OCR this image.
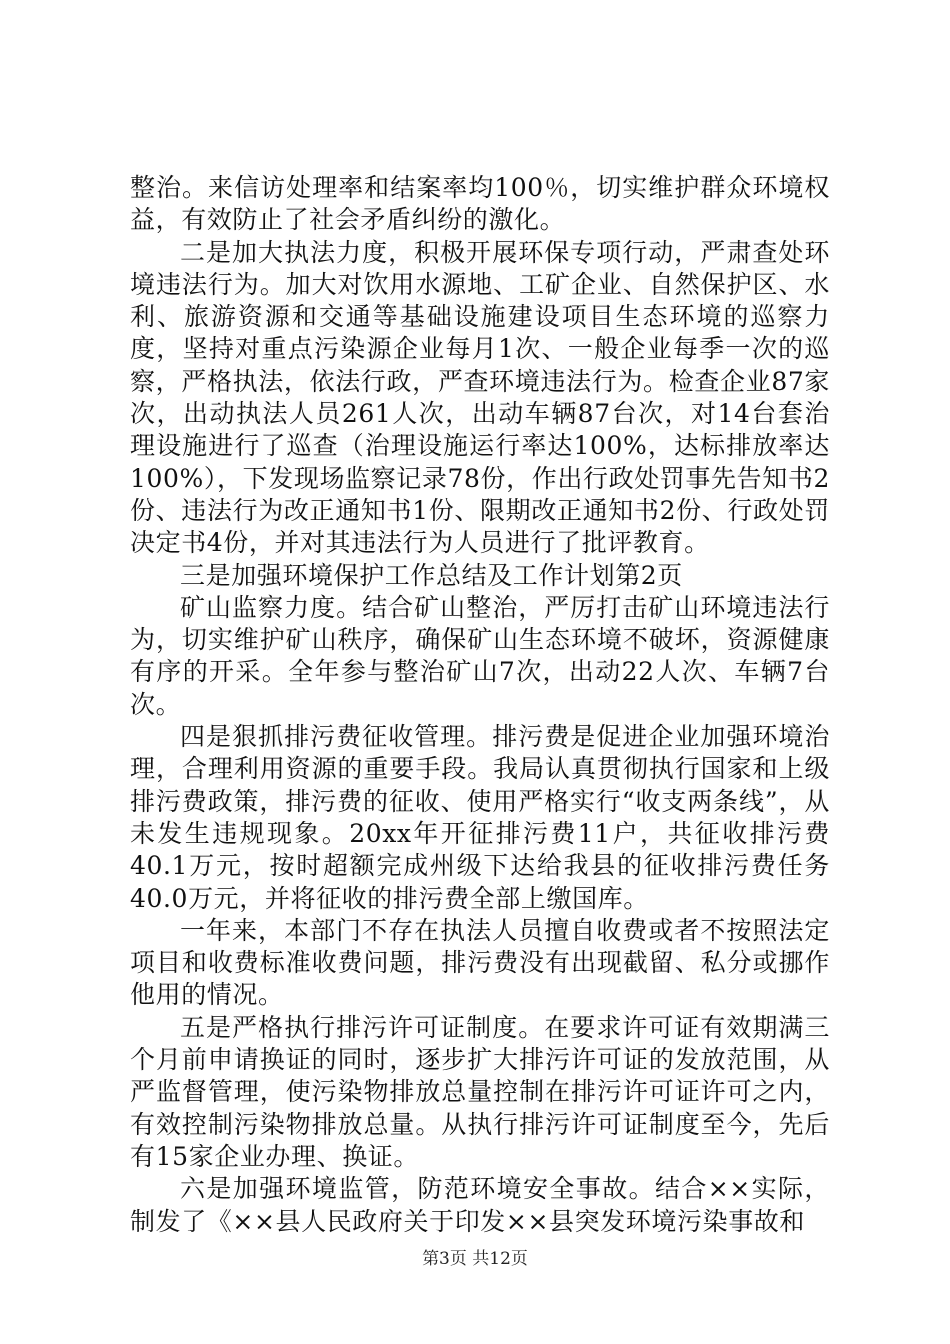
整治。来信访处理率和结案率均100％，切实维护群众环境权益，有效防止了社会矛盾纠纷的激化。

二是加大执法力度，积极开展环保专项行动，严肃查处环境违法行为。加大对饮用水源地、工矿企业、自然保护区、水利、旅游资源和交通等基础设施建设项目生态环境的巡察力度，坚持对重点污染源企业每月1次、一般企业每季一次的巡察，严格执法，依法行政，严查环境违法行为。检查企业87家次，出动执法人员261人次，出动车辆87台次，对14台套治理设施进行了巡查（治理设施运行率达100%，达标排放率达100%），下发现场监察记录78份，作出行政处罚事先告知书2份、违法行为改正通知书1份、限期改正通知书2份、行政处罚决定书4份，并对其违法行为人员进行了批评教育。

三是加强环境保护工作总结及工作计划第2页

矿山监察力度。结合矿山整治，严厉打击矿山环境违法行为，切实维护矿山秩序，确保矿山生态环境不破坏，资源健康有序的开采。全年参与整治矿山7次，出动22人次、车辆7台次。

四是狠抓排污费征收管理。排污费是促进企业加强环境治理，合理利用资源的重要手段。我局认真贯彻执行国家和上级排污费政策，排污费的征收、使用严格实行“收支两条线”，从未发生违规现象。20xx年开征排污费11户，共征收排污费40.1万元，按时超额完成州级下达给我县的征收排污费任务40.0万元，并将征收的排污费全部上缴国库。

一年来，本部门不存在执法人员擅自收费或者不按照法定项目和收费标准收费问题，排污费没有出现截留、私分或挪作他用的情况。

五是严格执行排污许可证制度。在要求许可证有效期满三个月前申请换证的同时，逐步扩大排污许可证的发放范围，从严监督管理，使污染物排放总量控制在排污许可证许可之内，有效控制污染物排放总量。从执行排污许可证制度至今，先后有15家企业办理、换证。

六是加强环境监管，防范环境安全事故。结合××实际，制发了《××县人民政府关于印发××县突发环境污染事故和

第3页 共12页
